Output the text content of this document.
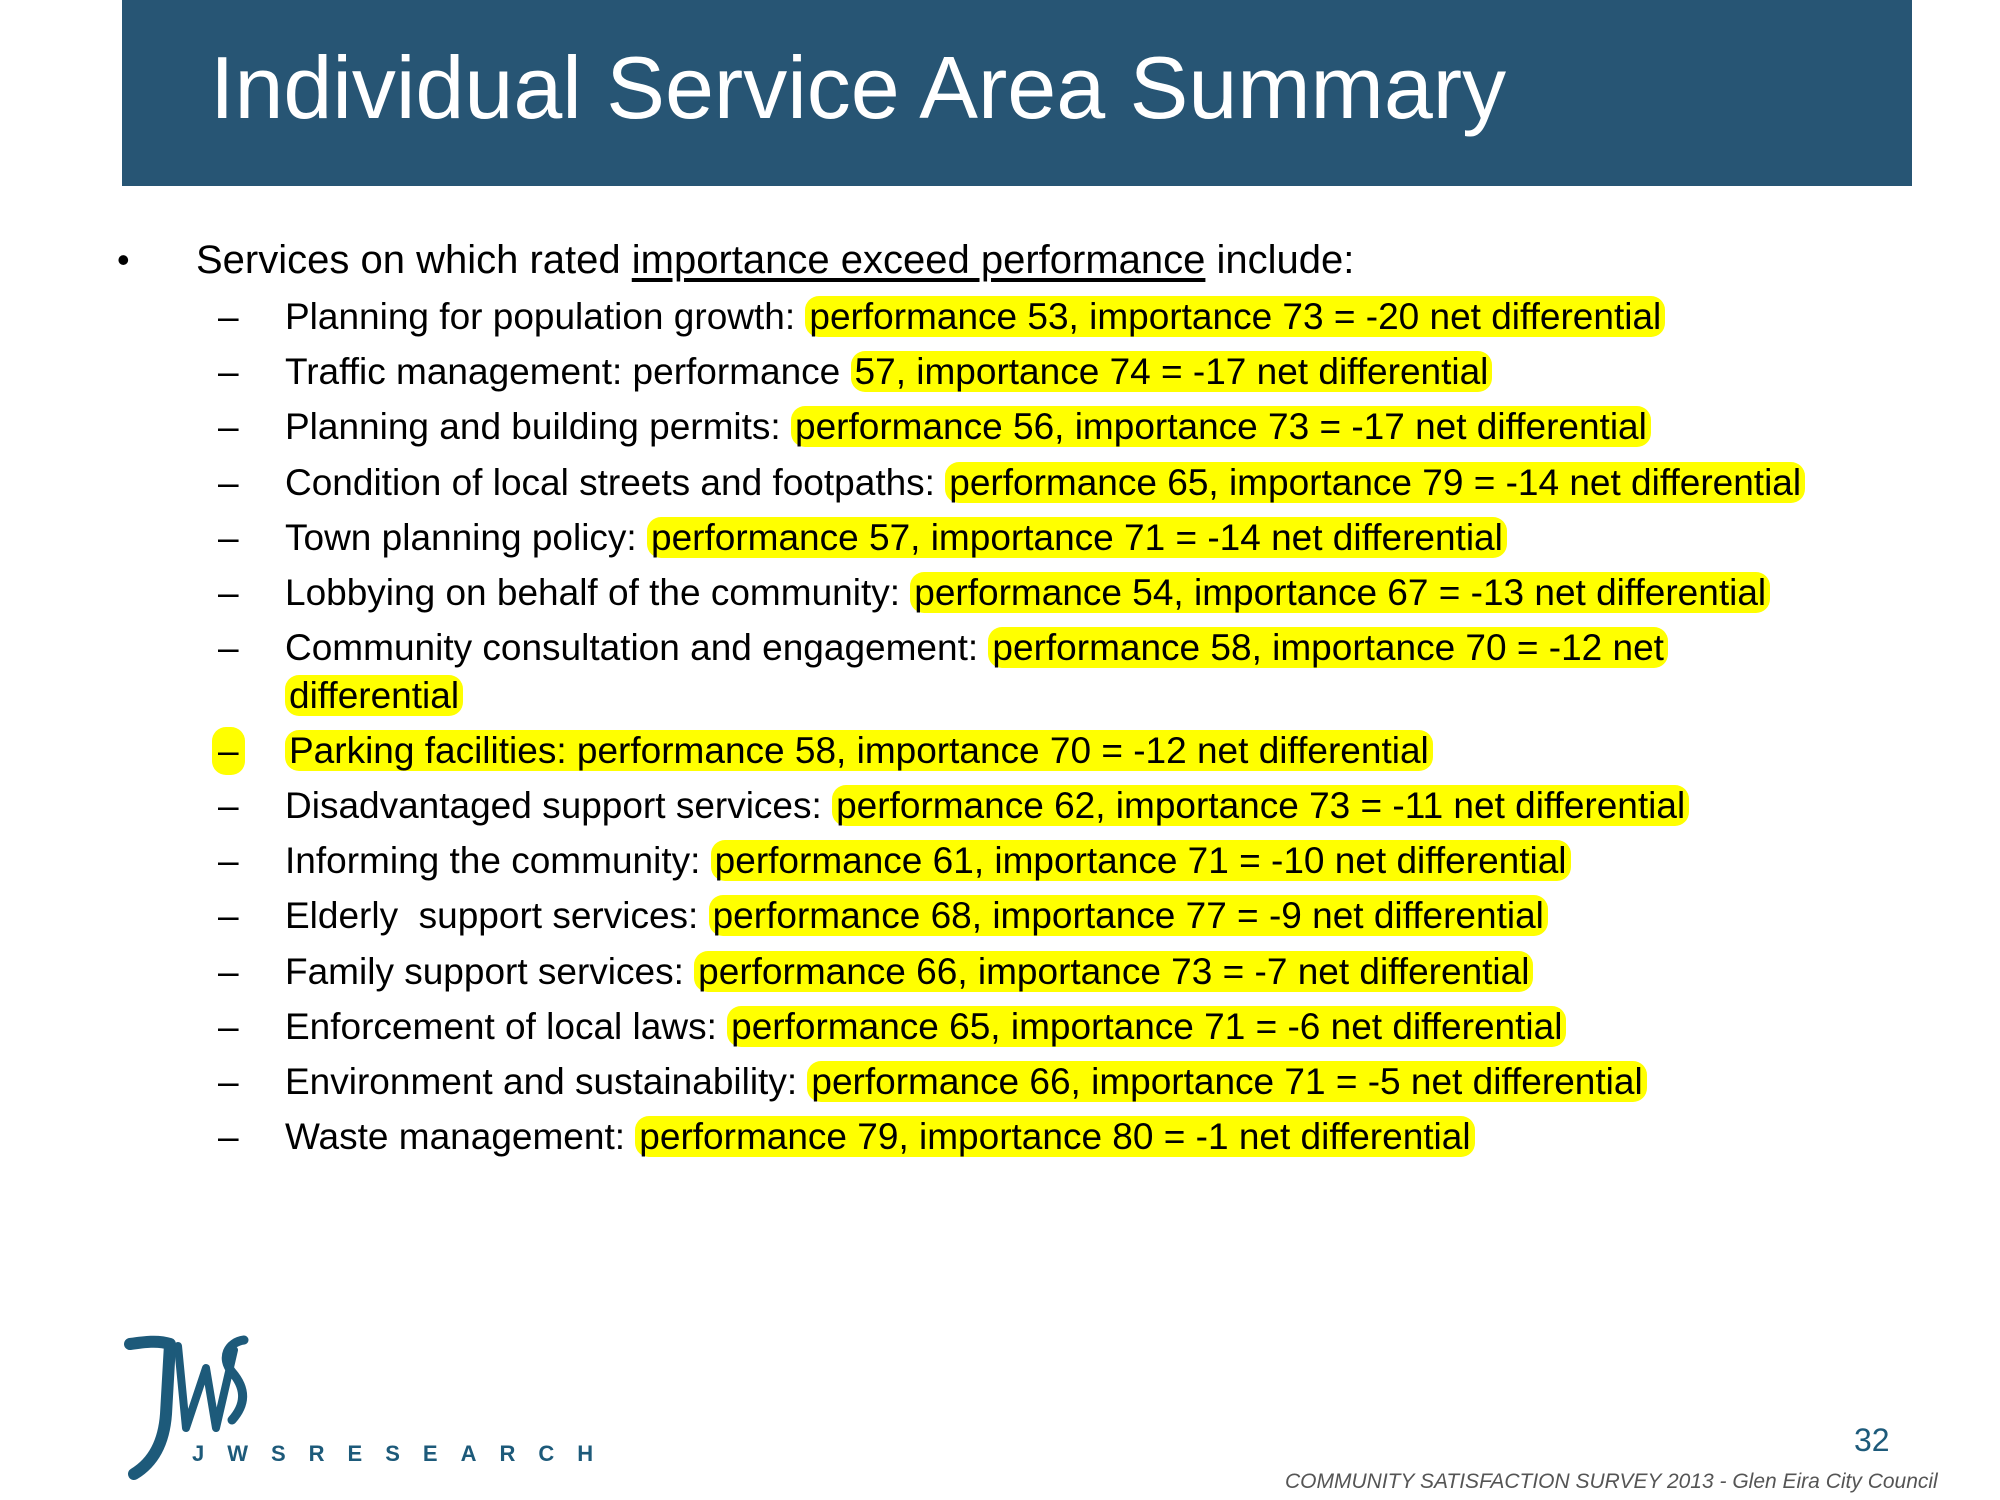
Individual Service Area Summary
• Services on which rated importance exceed performance include:
– Planning for population growth: performance 53, importance 73 = -20 net differential
– Traffic management: performance 57, importance 74 = -17 net differential
– Planning and building permits: performance 56, importance 73 = -17 net differential
– Condition of local streets and footpaths: performance 65, importance 79 = -14 net differential
– Town planning policy: performance 57, importance 71 = -14 net differential
– Lobbying on behalf of the community: performance 54, importance 67 = -13 net differential
– Community consultation and engagement: performance 58, importance 70 = -12 net differential
– Parking facilities: performance 58, importance 70 = -12 net differential
– Disadvantaged support services: performance 62, importance 73 = -11 net differential
– Informing the community: performance 61, importance 71 = -10 net differential
– Elderly  support services: performance 68, importance 77 = -9 net differential
– Family support services: performance 66, importance 73 = -7 net differential
– Enforcement of local laws: performance 65, importance 71 = -6 net differential
– Environment and sustainability: performance 66, importance 71 = -5 net differential
– Waste management: performance 79, importance 80 = -1 net differential
JWSRESEARCH	32
COMMUNITY SATISFACTION SURVEY 2013 - Glen Eira City Council
